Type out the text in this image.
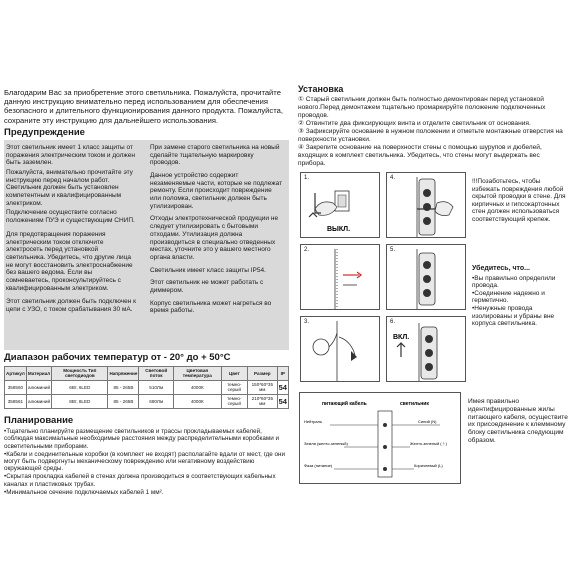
Благодарим Вас за приобретение этого светильника. Пожалуйста, прочитайте данную инструкцию внимательно перед использованием для обеспечения безопасного и длительного функционирования данного продукта. Пожалуйста, сохраните эту инструкцию для дальнейшего использования.

Предупреждение

Этот светильник имеет 1 класс защиты от поражения электрическим током и должен быть заземлен.

Пожалуйста, внимательно прочитайте эту инструкцию перед началом работ. Светильник должен быть установлен компетентным и квалифицированным электриком.

Подключение осуществите согласно положениям ПУЭ и существующим СНИП.

Для предотвращения поражения электрическим током отключите электросеть перед установкой светильника. Убедитесь, что другие лица не могут восстановить электроснабжение без вашего ведома. Если вы сомневаетесь, проконсультируйтесь с квалифицированным электриком.

Этот светильник должен быть подключен к цепи с УЗО, с током срабатывания 30 мА.

При замене старого светильника на новый сделайте тщательную маркировку проводов.

Данное устройство содержит незаменяемые части, которые не подлежат ремонту. Если происходит повреждение или поломка, светильник должен быть утилизирован.

Отходы электротехнической продукции не следует утилизировать с бытовыми отходами. Утилизация должна производиться в специально отведенных местах, уточните это у вашего местного органа власти.

Светильник имеет класс защиты IP54.

Этот светильник не может работать с диммером.

Корпус светильника может нагреться во время работы.

Диапазон рабочих температур от - 20° до + 50°С
Артикул	Материал	Мощность Тип светодиодов	Напряжение	Световой поток	Цветовая температура	Цвет	Размер	IP
358560	алюминий	6Вт, 6LED	85 - 265В	510Лм	4000К	темно-серый	150*60*35 мм	54
358561	алюминий	8Вт, 8LED	85 - 265В	680Лм	4000К	темно-серый	210*60*35 мм	54
Планирование

•Тщательно планируйте размещение светильников и трассы прокладываемых кабелей, соблюдая максимальные необходимые расстояния между распределительными коробками и осветительными приборами.

•Кабели и соединительные коробки (в комплект не входят) располагайте вдали от мест, где они могут быть подвергнуты механическому повреждению или негативному воздействию окружающей среды.

•Скрытая прокладка кабелей в стенах должна производиться в соответствующих кабельных каналах и пластиковых трубах.

•Минимальное сечение подключаемых кабелей 1 мм².

Установка

① Старый светильник должен быть полностью демонтирован перед установкой нового.Перед демонтажем тщательно промаркируйте положение подключенных проводов.

② Отвинтите два фиксирующих винта и отделите светильник от основания.

③ Зафиксируйте основание в нужном положении и отметьте монтажные отверстия на поверхности установки.

④ Закрепите основание на поверхности стены с помощью шурупов и дюбелей, входящих в комплект светильника. Убедитесь, что стены могут выдержать вес прибора.

1.
ВЫКЛ.
4.
2.	5.
3.	6.
ВКЛ.

!!!Позаботьтесь, чтобы избежать повреждения любой скрытой проводки в стене. Для кирпичных и гипсокартонных стен должен использоваться соответствующий крепеж.

Убедитесь, что...

•Вы правильно определили провода.

•Соединение надежно и герметично.

•Ненужные провода изолированы и убраны вне корпуса светильника.

питающий кабель	светильник
Нейтраль	Синий (N)
Земля (желто-зеленый)	Желто-зеленый (⏚)
Фаза (питание)	Коричневый (L)

Имея правильно идентифицированные жилы питающего кабеля, осуществите их присоединение к клеммному блоку светильника следующим образом.
